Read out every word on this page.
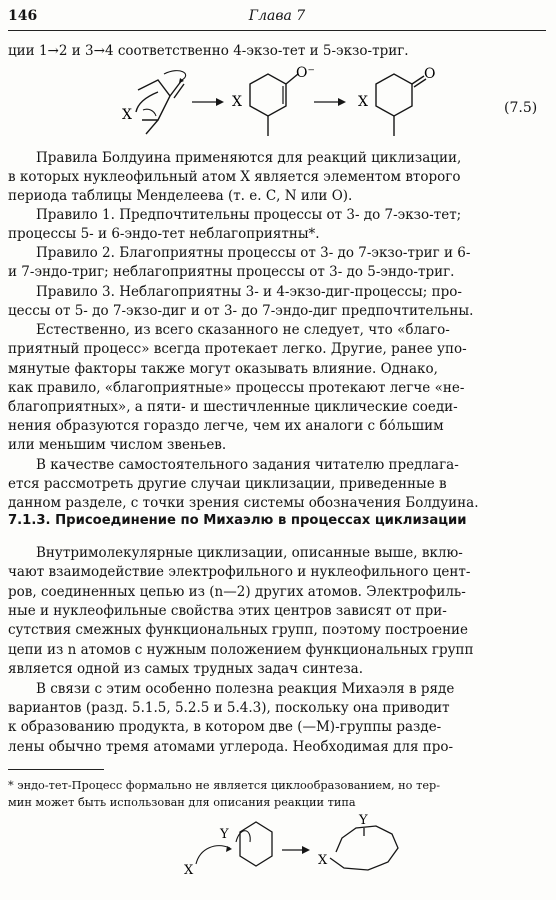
146	Глава 7
ции 1→2 и 3→4 соответственно 4-экзо-тет и 5-экзо-триг.
Правила Болдуина применяются для реакций циклизации,
в которых нуклеофильный атом X является элементом второго
периода таблицы Менделеева (т. е. С, N или О).
Правило 1. Предпочтительны процессы от 3- до 7-экзо-тет;
процессы 5- и 6-эндо-тет неблагоприятны*.
Правило 2. Благоприятны процессы от 3- до 7-экзо-триг и 6-
и 7-эндо-триг; неблагоприятны процессы от 3- до 5-эндо-триг.
Правило 3. Неблагоприятны 3- и 4-экзо-диг-процессы; про-
цессы от 5- до 7-экзо-диг и от 3- до 7-эндо-диг предпочтительны.
Естественно, из всего сказанного не следует, что «благо-
приятный процесс» всегда протекает легко. Другие, ранее упо-
мянутые факторы также могут оказывать влияние. Однако,
как правило, «благоприятные» процессы протекают легче «не-
благоприятных», а пяти- и шестичленные циклические соеди-
нения образуются гораздо легче, чем их аналоги с бо́льшим
или меньшим числом звеньев.
В качестве самостоятельного задания читателю предлага-
ется рассмотреть другие случаи циклизации, приведенные в
данном разделе, с точки зрения системы обозначения Болдуина.
X
X
O⁻
X
O
(7.5)
7.1.3. Присоединение по Михаэлю в процессах циклизации
Внутримолекулярные циклизации, описанные выше, вклю-
чают взаимодействие электрофильного и нуклеофильного цент-
ров, соединенных цепью из (n—2) других атомов. Электрофиль-
ные и нуклеофильные свойства этих центров зависят от при-
сутствия смежных функциональных групп, поэтому построение
цепи из n атомов с нужным положением функциональных групп
является одной из самых трудных задач синтеза.
В связи с этим особенно полезна реакция Михаэля в ряде
вариантов (разд. 5.1.5, 5.2.5 и 5.4.3), поскольку она приводит
к образованию продукта, в котором две (—M)-группы разде-
лены обычно тремя атомами углерода. Необходимая для про-
* эндо-тет-Процесс формально не является циклообразованием, но тер-
мин может быть использован для описания реакции типа
X
Y
X
Y
